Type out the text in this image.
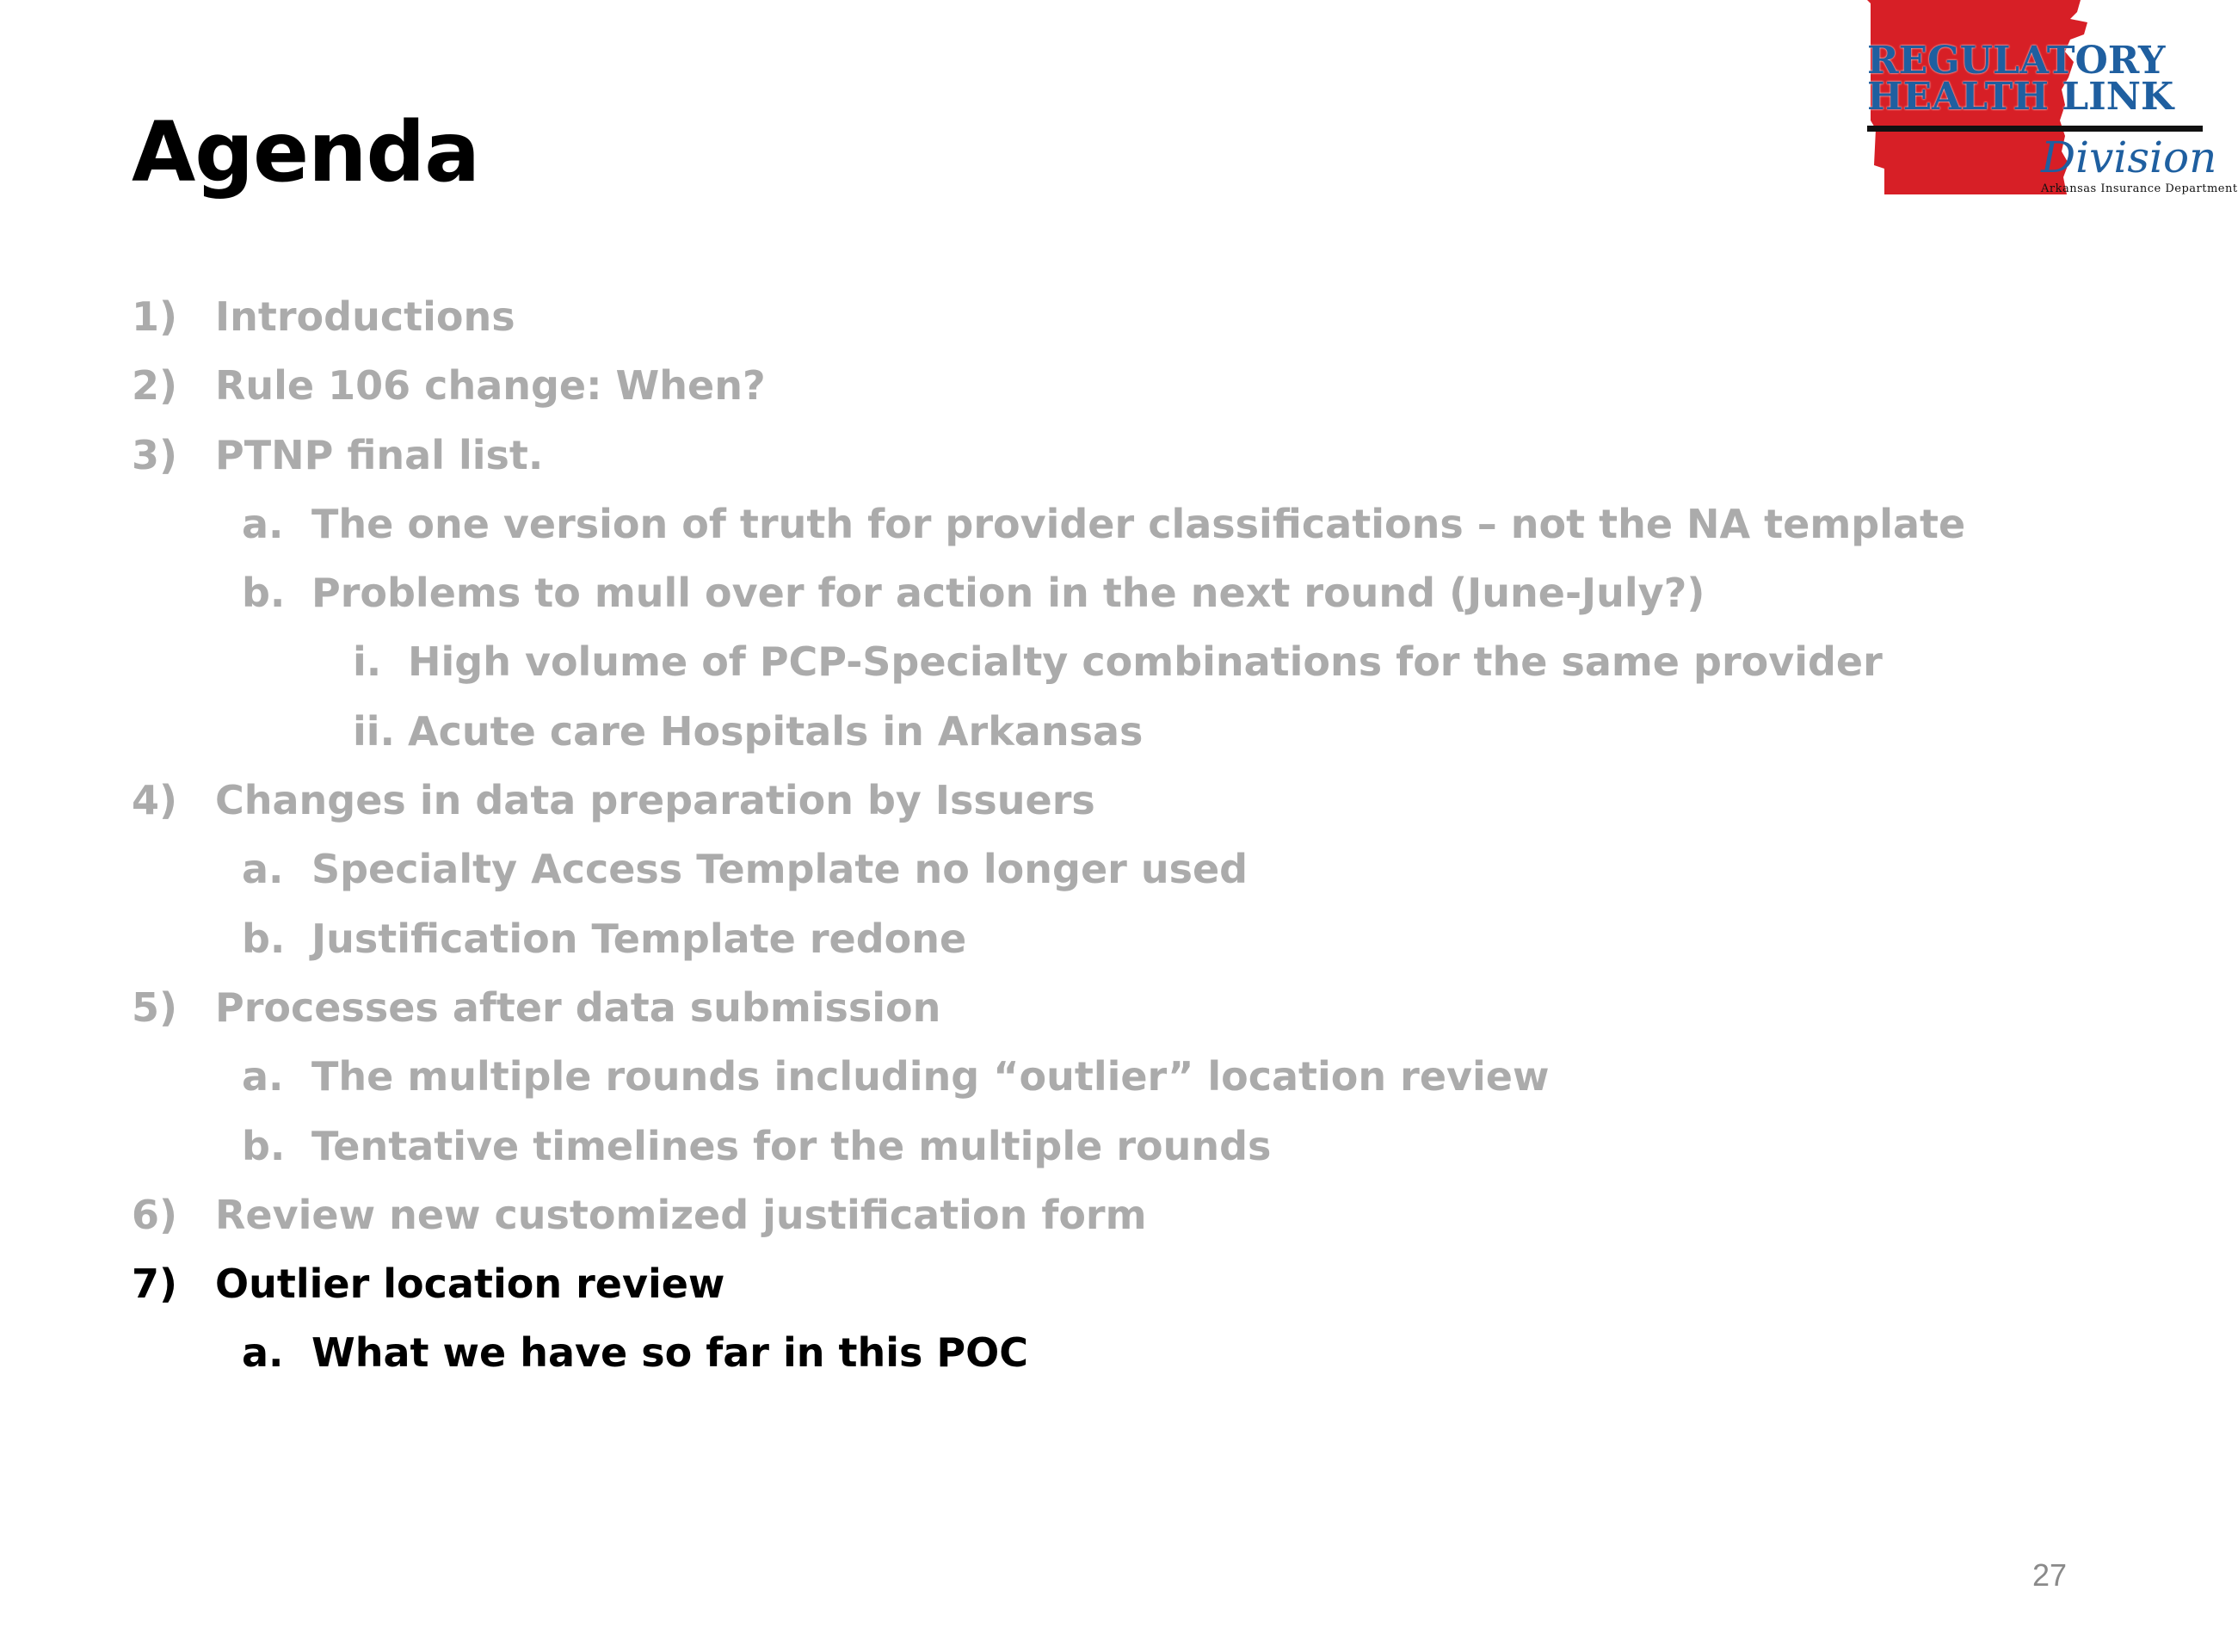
Agenda
REGULATORY
HEALTH LINK
Division
Arkansas Insurance Department
1) Introductions
2) Rule 106 change: When?
3) PTNP final list.
a. The one version of truth for provider classifications – not the NA template
b. Problems to mull over for action in the next round (June-July?)
i. High volume of PCP-Specialty combinations for the same provider
ii. Acute care Hospitals in Arkansas
4) Changes in data preparation by Issuers
a. Specialty Access Template no longer used
b. Justification Template redone
5) Processes after data submission
a. The multiple rounds including “outlier” location review
b. Tentative timelines for the multiple rounds
6) Review new customized justification form
7) Outlier location review
a. What we have so far in this POC
27
